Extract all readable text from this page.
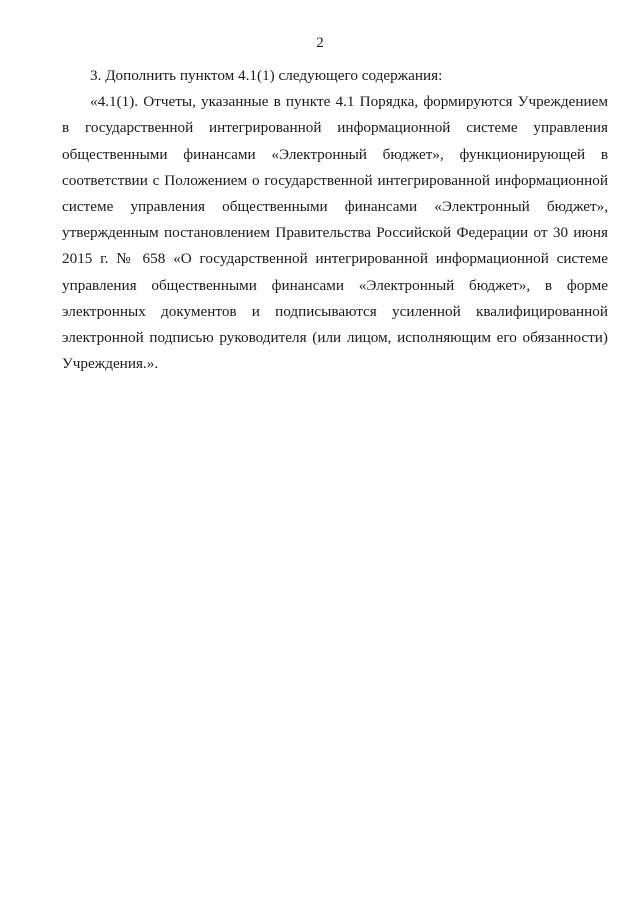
2

3. Дополнить пунктом 4.1(1) следующего содержания:

«4.1(1). Отчеты, указанные в пункте 4.1 Порядка, формируются Учреждением в государственной интегрированной информационной системе управления общественными финансами «Электронный бюджет», функционирующей в соответствии с Положением о государственной интегрированной информационной системе управления общественными финансами «Электронный бюджет», утвержденным постановлением Правительства Российской Федерации от 30 июня 2015 г. № 658 «О государственной интегрированной информационной системе управления общественными финансами «Электронный бюджет», в форме электронных документов и подписываются усиленной квалифицированной электронной подписью руководителя (или лицом, исполняющим его обязанности) Учреждения.».
